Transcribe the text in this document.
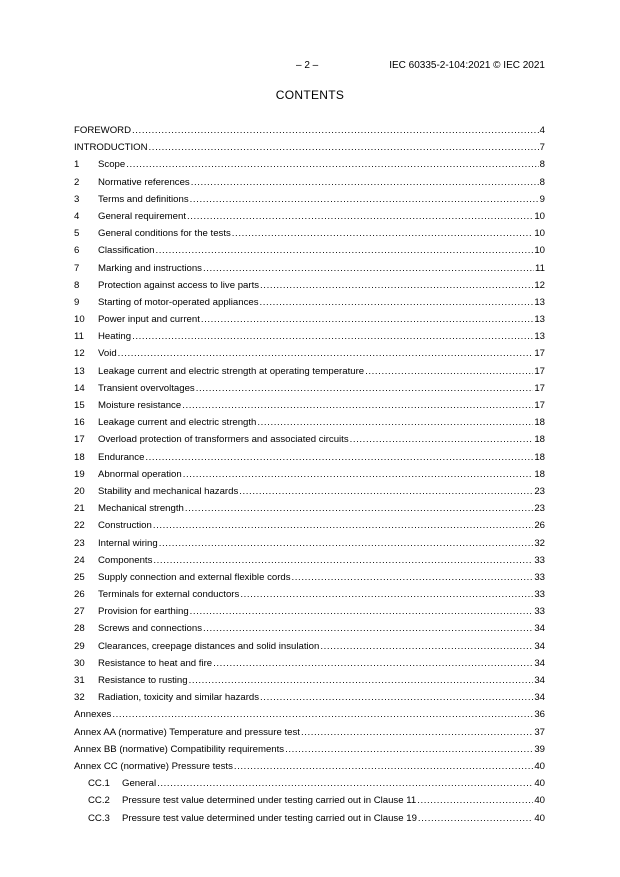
– 2 –	IEC 60335-2-104:2021 © IEC 2021
CONTENTS
FOREWORD .....	4
INTRODUCTION .....	7
1	Scope .....	8
2	Normative references .....	8
3	Terms and definitions .....	9
4	General requirement .....	10
5	General conditions for the tests .....	10
6	Classification .....	10
7	Marking and instructions .....	11
8	Protection against access to live parts .....	12
9	Starting of motor-operated appliances .....	13
10	Power input and current .....	13
11	Heating .....	13
12	Void .....	17
13	Leakage current and electric strength at operating temperature .....	17
14	Transient overvoltages .....	17
15	Moisture resistance .....	17
16	Leakage current and electric strength .....	18
17	Overload protection of transformers and associated circuits .....	18
18	Endurance .....	18
19	Abnormal operation .....	18
20	Stability and mechanical hazards .....	23
21	Mechanical strength .....	23
22	Construction .....	26
23	Internal wiring .....	32
24	Components .....	33
25	Supply connection and external flexible cords .....	33
26	Terminals for external conductors .....	33
27	Provision for earthing .....	33
28	Screws and connections .....	34
29	Clearances, creepage distances and solid insulation .....	34
30	Resistance to heat and fire .....	34
31	Resistance to rusting .....	34
32	Radiation, toxicity and similar hazards .....	34
Annexes .....	36
Annex AA (normative) Temperature and pressure test .....	37
Annex BB (normative) Compatibility requirements .....	39
Annex CC (normative) Pressure tests .....	40
CC.1	General .....	40
CC.2	Pressure test value determined under testing carried out in Clause 11 .....	40
CC.3	Pressure test value determined under testing carried out in Clause 19 .....	40
